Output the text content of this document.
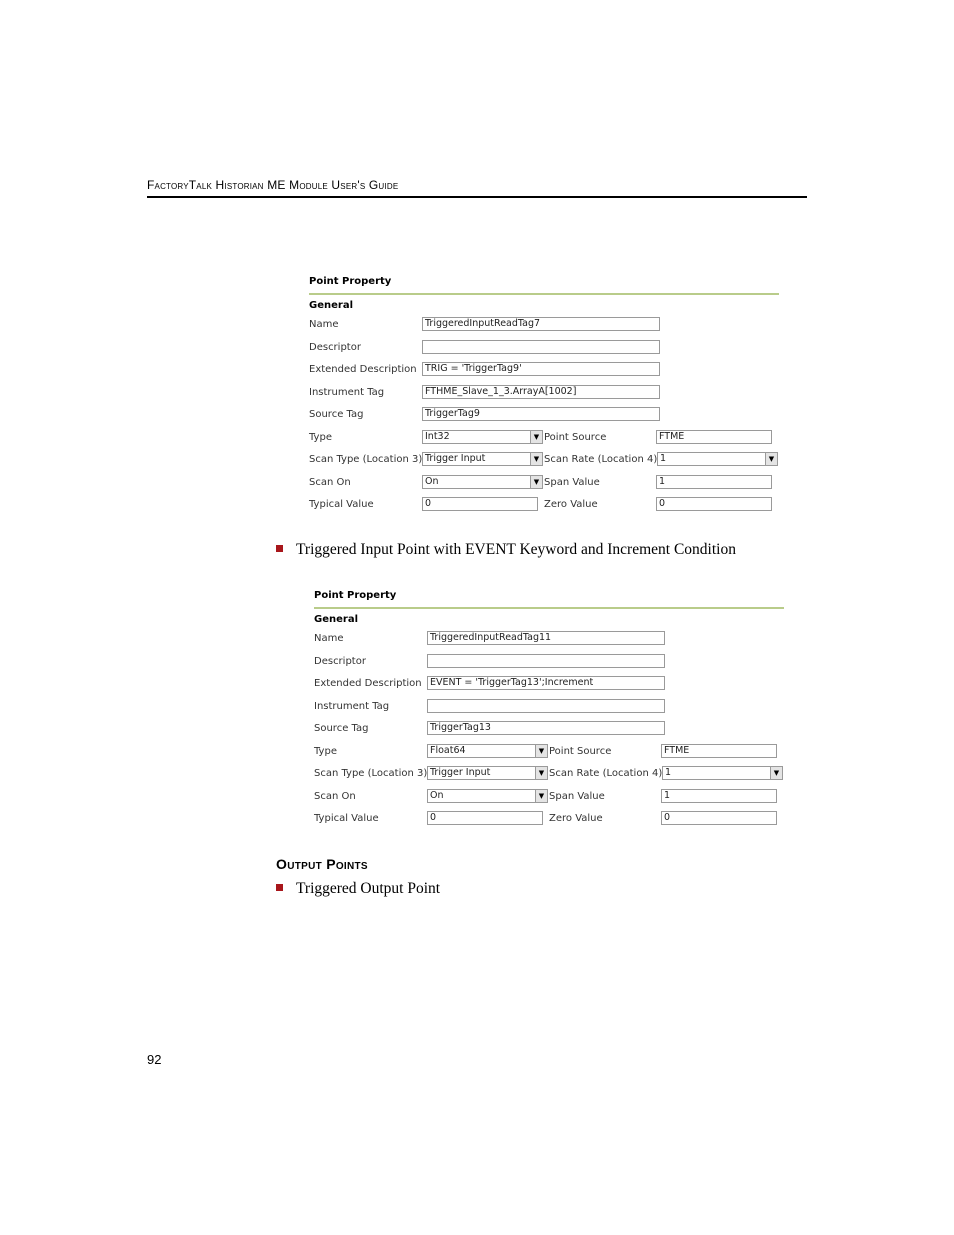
FactoryTalk Historian ME Module User's Guide
Point Property
General
Name	TriggeredInputReadTag7
Descriptor
Extended Description TRIG = 'TriggerTag9'
Instrument Tag	FTHME_Slave_1_3.ArrayA[1002]
Source Tag	TriggerTag9
Type	Int32	▼ Point Source	FTME
Scan Type (Location 3) Trigger Input	▼ Scan Rate (Location 4) 1	▼
Scan On	On	▼ Span Value	1
Typical Value	0	Zero Value	0
Triggered Input Point with EVENT Keyword and Increment Condition
Point Property
General
Name	TriggeredInputReadTag11
Descriptor
Extended Description EVENT = 'TriggerTag13';Increment
Instrument Tag
Source Tag	TriggerTag13
Type	Float64	▼ Point Source	FTME
Scan Type (Location 3) Trigger Input	▼ Scan Rate (Location 4) 1	▼
Scan On	On	▼ Span Value	1
Typical Value	0	Zero Value	0
Output Points
Triggered Output Point
92
